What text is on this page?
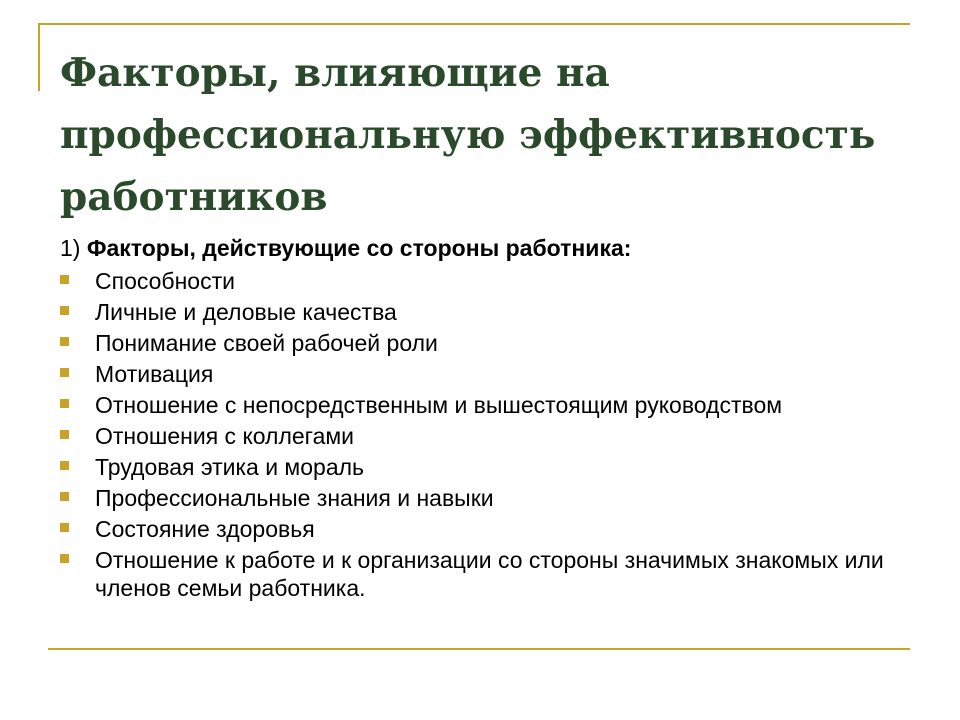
Факторы, влияющие на
профессиональную эффективность
работников

1) Факторы, действующие со стороны работника:

Способности
Личные и деловые качества
Понимание своей рабочей роли
Мотивация
Отношение с непосредственным и вышестоящим руководством
Отношения с коллегами
Трудовая этика и мораль
Профессиональные знания и навыки
Состояние здоровья
Отношение к работе и к организации со стороны значимых знакомых или членов семьи работника.
